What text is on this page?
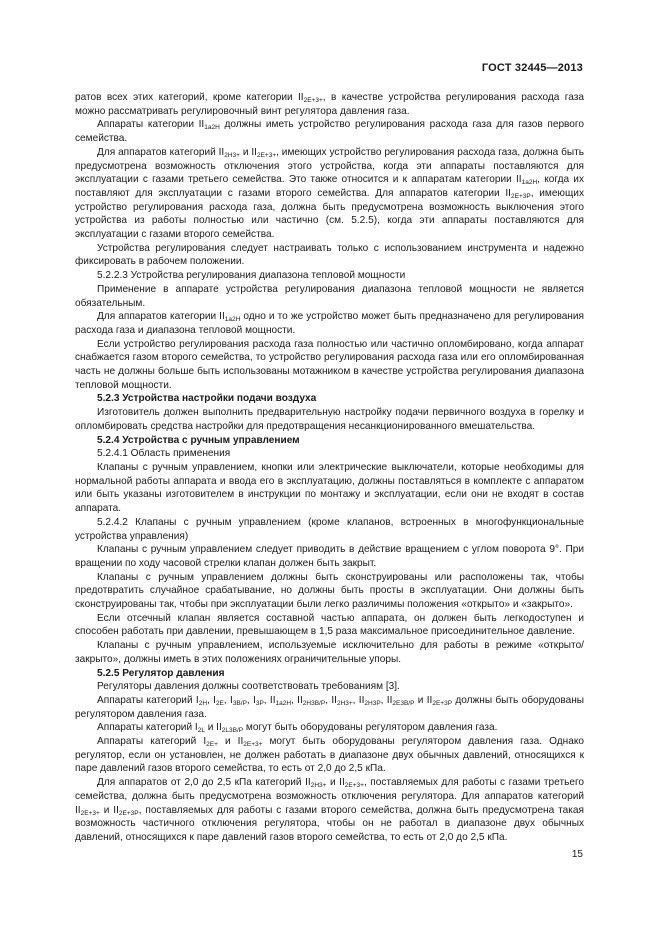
ГОСТ 32445—2013

ратов всех этих категорий, кроме категории $II_{2E+3+}$, в качестве устройства регулирования расхода газа можно рассматривать регулировочный винт регулятора давления газа.

Аппараты категории $II_{1a2H}$ должны иметь устройство регулирования расхода газа для газов первого семейства.

Для аппаратов категорий $II_{2H3+}$ и $II_{2E+3+}$, имеющих устройство регулирования расхода газа, должна быть предусмотрена возможность отключения этого устройства, когда эти аппараты поставляются для эксплуатации с газами третьего семейства. Это также относится и к аппаратам категории $II_{1a2H}$, когда их поставляют для эксплуатации с газами второго семейства. Для аппаратов категории $II_{2E+3P}$, имеющих устройство регулирования расхода газа, должна быть предусмотрена возможность выключения этого устройства из работы полностью или частично (см. 5.2.5), когда эти аппараты поставляются для эксплуатации с газами второго семейства.

Устройства регулирования следует настраивать только с использованием инструмента и надежно фиксировать в рабочем положении.

5.2.2.3 Устройства регулирования диапазона тепловой мощности

Применение в аппарате устройства регулирования диапазона тепловой мощности не является обязательным.

Для аппаратов категории $II_{1a2H}$ одно и то же устройство может быть предназначено для регулирования расхода газа и диапазона тепловой мощности.

Если устройство регулирования расхода газа полностью или частично опломбировано, когда аппарат снабжается газом второго семейства, то устройство регулирования расхода газа или его опломбированная часть не должны больше быть использованы мотажником в качестве устройства регулирования диапазона тепловой мощности.

5.2.3 Устройства настройки подачи воздуха

Изготовитель должен выполнить предварительную настройку подачи первичного воздуха в горелку и опломбировать средства настройки для предотвращения несанкционированного вмешательства.

5.2.4 Устройства с ручным управлением

5.2.4.1 Область применения

Клапаны с ручным управлением, кнопки или электрические выключатели, которые необходимы для нормальной работы аппарата и ввода его в эксплуатацию, должны поставляться в комплекте с аппаратом или быть указаны изготовителем в инструкции по монтажу и эксплуатации, если они не входят в состав аппарата.

5.2.4.2 Клапаны с ручным управлением (кроме клапанов, встроенных в многофункциональные устройства управления)

Клапаны с ручным управлением следует приводить в действие вращением с углом поворота 9°. При вращении по ходу часовой стрелки клапан должен быть закрыт.

Клапаны с ручным управлением должны быть сконструированы или расположены так, чтобы предотвратить случайное срабатывание, но должны быть просты в эксплуатации. Они должны быть сконструированы так, чтобы при эксплуатации были легко различимы положения «открыто» и «закрыто».

Если отсечный клапан является составной частью аппарата, он должен быть легкодоступен и способен работать при давлении, превышающем в 1,5 раза максимальное присоединительное давление.

Клапаны с ручным управлением, используемые исключительно для работы в режиме «открыто/закрыто», должны иметь в этих положениях ограничительные упоры.

5.2.5 Регулятор давления

Регуляторы давления должны соответствовать требованиям [3].

Аппараты категорий $I_{2H}$, $I_{2E}$, $I_{3B/P}$, $I_{3P}$, $II_{1a2H}$, $II_{2H3B/P}$, $II_{2H3+}$, $II_{2H3P}$, $II_{2E3B/P}$ и $II_{2E+3P}$ должны быть оборудованы регулятором давления газа.

Аппараты категорий $I_{2L}$ и $II_{2L3B/P}$ могут быть оборудованы регулятором давления газа.

Аппараты категорий $I_{2E+}$ и $II_{2E+3+}$ могут быть оборудованы регулятором давления газа. Однако регулятор, если он установлен, не должен работать в диапазоне двух обычных давлений, относящихся к паре давлений газов второго семейства, то есть от 2,0 до 2,5 кПа.

Для аппаратов от 2,0 до 2,5 кПа категорий $II_{2H3+}$ и $II_{2E+3+}$, поставляемых для работы с газами третьего семейства, должна быть предусмотрена возможность отключения регулятора. Для аппаратов категорий $II_{2E+3+}$ и $II_{2E+3P}$, поставляемых для работы с газами второго семейства, должна быть предусмотрена такая возможность частичного отключения регулятора, чтобы он не работал в диапазоне двух обычных давлений, относящихся к паре давлений газов второго семейства, то есть от 2,0 до 2,5 кПа.

15
